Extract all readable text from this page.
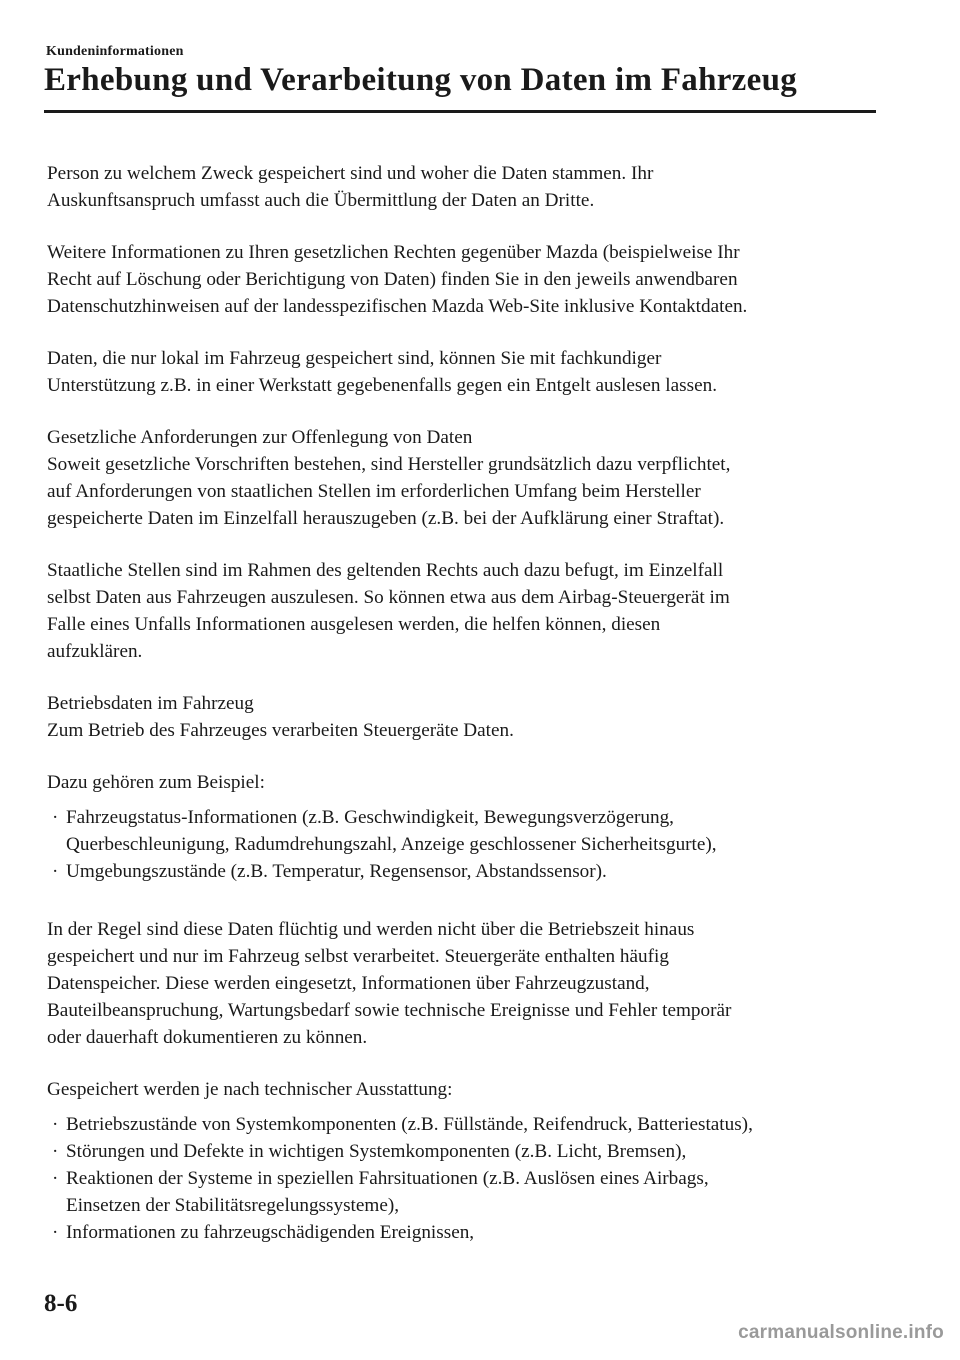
Kundeninformationen
Erhebung und Verarbeitung von Daten im Fahrzeug

Person zu welchem Zweck gespeichert sind und woher die Daten stammen. Ihr
Auskunftsanspruch umfasst auch die Übermittlung der Daten an Dritte.

Weitere Informationen zu Ihren gesetzlichen Rechten gegenüber Mazda (beispielweise Ihr
Recht auf Löschung oder Berichtigung von Daten) finden Sie in den jeweils anwendbaren
Datenschutzhinweisen auf der landesspezifischen Mazda Web-Site inklusive Kontaktdaten.

Daten, die nur lokal im Fahrzeug gespeichert sind, können Sie mit fachkundiger
Unterstützung z.B. in einer Werkstatt gegebenenfalls gegen ein Entgelt auslesen lassen.

Gesetzliche Anforderungen zur Offenlegung von Daten
Soweit gesetzliche Vorschriften bestehen, sind Hersteller grundsätzlich dazu verpflichtet,
auf Anforderungen von staatlichen Stellen im erforderlichen Umfang beim Hersteller
gespeicherte Daten im Einzelfall herauszugeben (z.B. bei der Aufklärung einer Straftat).

Staatliche Stellen sind im Rahmen des geltenden Rechts auch dazu befugt, im Einzelfall
selbst Daten aus Fahrzeugen auszulesen. So können etwa aus dem Airbag-Steuergerät im
Falle eines Unfalls Informationen ausgelesen werden, die helfen können, diesen
aufzuklären.

Betriebsdaten im Fahrzeug
Zum Betrieb des Fahrzeuges verarbeiten Steuergeräte Daten.

Dazu gehören zum Beispiel:

· Fahrzeugstatus-Informationen (z.B. Geschwindigkeit, Bewegungsverzögerung,
Querbeschleunigung, Radumdrehungszahl, Anzeige geschlossener Sicherheitsgurte),
· Umgebungszustände (z.B. Temperatur, Regensensor, Abstandssensor).

In der Regel sind diese Daten flüchtig und werden nicht über die Betriebszeit hinaus
gespeichert und nur im Fahrzeug selbst verarbeitet. Steuergeräte enthalten häufig
Datenspeicher. Diese werden eingesetzt, Informationen über Fahrzeugzustand,
Bauteilbeanspruchung, Wartungsbedarf sowie technische Ereignisse und Fehler temporär
oder dauerhaft dokumentieren zu können.

Gespeichert werden je nach technischer Ausstattung:

· Betriebszustände von Systemkomponenten (z.B. Füllstände, Reifendruck, Batteriestatus),
· Störungen und Defekte in wichtigen Systemkomponenten (z.B. Licht, Bremsen),
· Reaktionen der Systeme in speziellen Fahrsituationen (z.B. Auslösen eines Airbags,
Einsetzen der Stabilitätsregelungssysteme),
· Informationen zu fahrzeugschädigenden Ereignissen,
8-6
carmanualsonline.info
